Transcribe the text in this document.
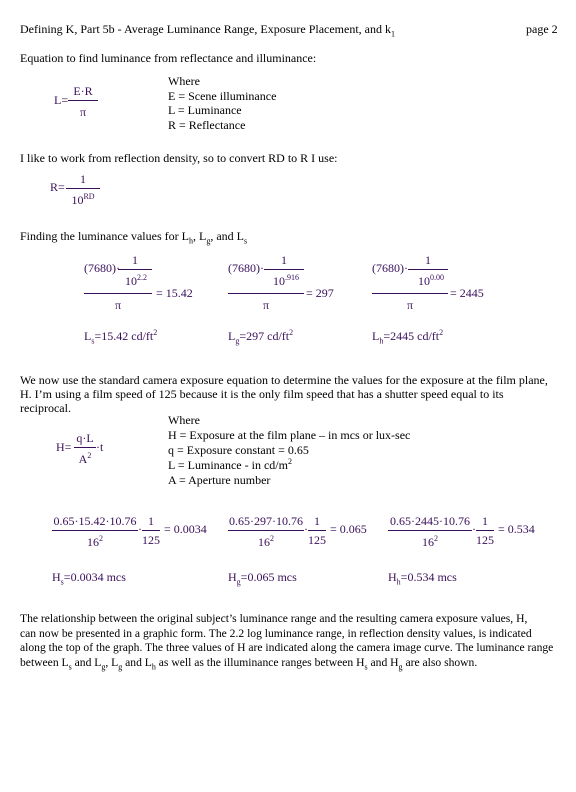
Defining K, Part 5b - Average Luminance Range, Exposure Placement, and $k_1$	page 2
Equation to find luminance from reflectance and illuminance:
L=
E·R
π
Where
E = Scene illuminance
L = Luminance
R = Reflectance
I like to work from reflection density, so to convert RD to R I use:
R=
1
10RD
Finding the luminance values for $L_h$, $L_g$, and $L_s$
(7680)·
1
$10^{2.2}$
π
= 15.42
$L_s=15.42$ $cd/ft^2$
(7680)·
1
$10^{.916}$
π
= 297
$L_g=297$ $cd/ft^2$
(7680)·
1
$10^{0.00}$
π
= 2445
$L_h=2445$ $cd/ft^2$
We now use the standard camera exposure equation to determine the values for the exposure at the film plane, H. I’m using a film speed of 125 because it is the only film speed that has a shutter speed equal to its reciprocal.
H=
q·L
$A^2$
·t
Where
H = Exposure at the film plane – in mcs or lux-sec
q = Exposure constant = 0.65
L = Luminance - in $cd/m^2$
A = Aperture number
0.65·15.42·10.76
$16^2$
·
1
125
= 0.0034
$H_s=0.0034$ mcs
0.65·297·10.76
$16^2$
·
1
125
= 0.065
$H_g=0.065$ mcs
0.65·2445·10.76
$16^2$
·
1
125
= 0.534
$H_h=0.534$ mcs
The relationship between the original subject’s luminance range and the resulting camera exposure values, H,
can now be presented in a graphic form. The 2.2 log luminance range, in reflection density values, is indicated
along the top of the graph. The three values of H are indicated along the camera image curve. The luminance range
between $L_s$ and $L_g$, $L_g$ and $L_h$ as well as the illuminance ranges between $H_s$ and $H_g$ are also shown.
